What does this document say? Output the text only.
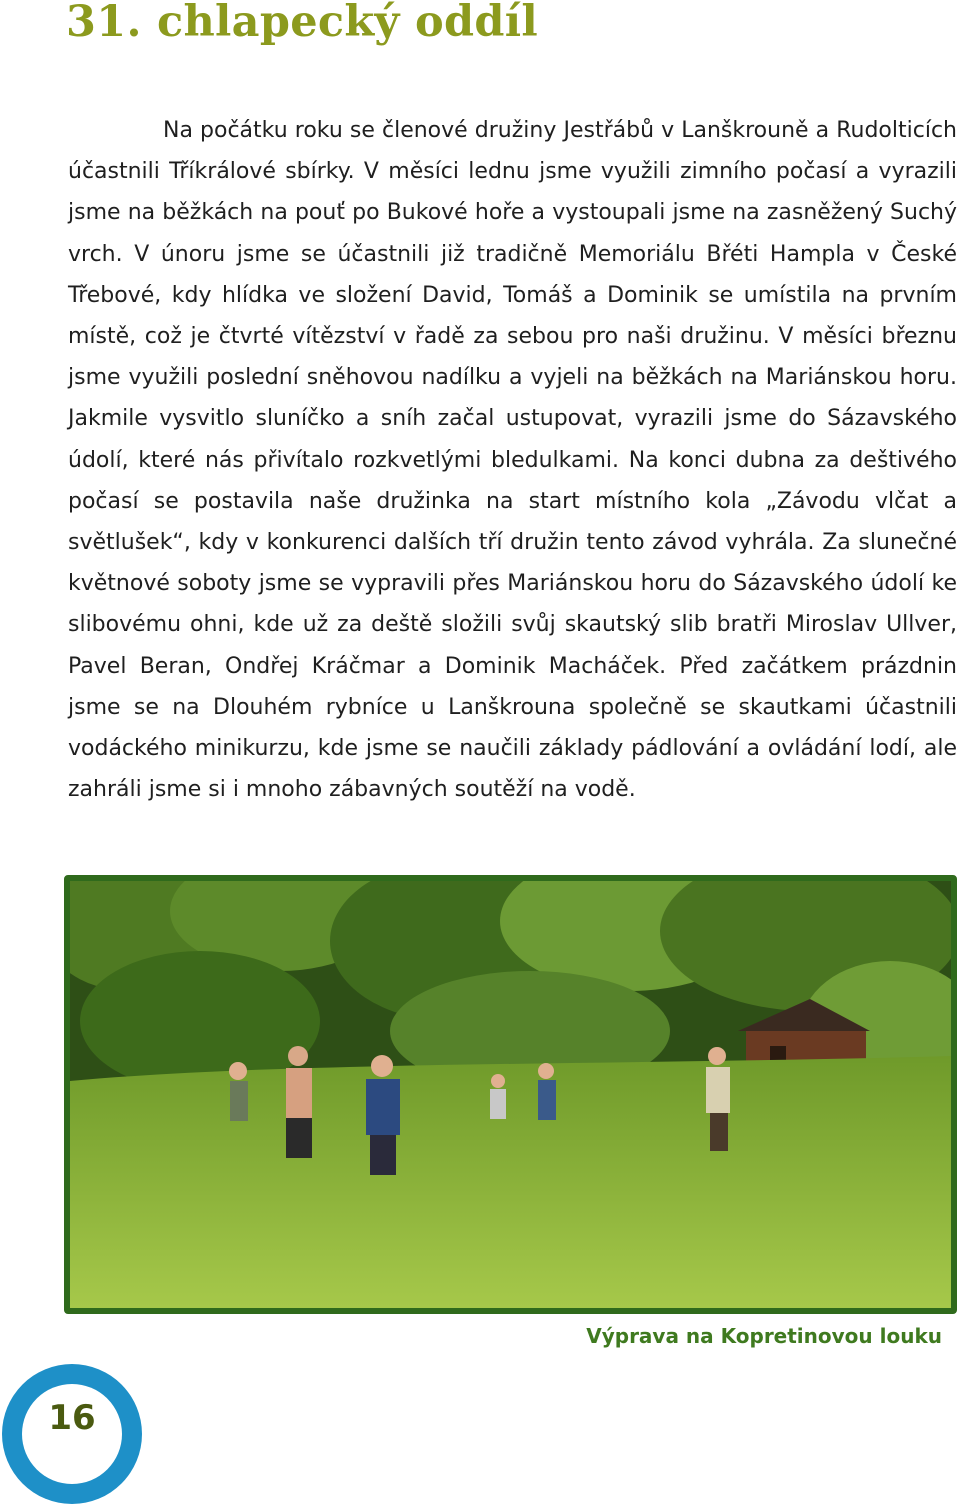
31. chlapecký oddíl

Na počátku roku se členové družiny Jestřábů v Lanškrouně a Rudolticích účastnili Tříkrálové sbírky. V měsíci lednu jsme využili zimního počasí a vyrazili jsme na běžkách na pouť po Bukové hoře a vystoupali jsme na zasněžený Suchý vrch. V únoru jsme se účastnili již tradičně Memoriálu Břéti Hampla v České Třebové, kdy hlídka ve složení David, Tomáš a Dominik se umístila na prvním místě, což je čtvrté vítězství v řadě za sebou pro naši družinu. V měsíci březnu jsme využili poslední sněhovou nadílku a vyjeli na běžkách na Mariánskou horu. Jakmile vysvitlo sluníčko a sníh začal ustupovat, vyrazili jsme do Sázavského údolí, které nás přivítalo rozkvetlými bledulkami. Na konci dubna za deštivého počasí se postavila naše družinka na start místního kola „Závodu vlčat a světlušek“, kdy v konkurenci dalších tří družin tento závod vyhrála. Za slunečné květnové soboty jsme se vypravili přes Mariánskou horu do Sázavského údolí ke slibovému ohni, kde už za deště složili svůj skautský slib bratři Miroslav Ullver, Pavel Beran, Ondřej Kráčmar a Dominik Macháček. Před začátkem prázdnin jsme se na Dlouhém rybníce u Lanškrouna společně se skautkami účastnili vodáckého minikurzu, kde jsme se naučili základy pádlování a ovládání lodí, ale zahráli jsme si i mnoho zábavných soutěží na vodě.

Výprava na Kopretinovou louku

16
